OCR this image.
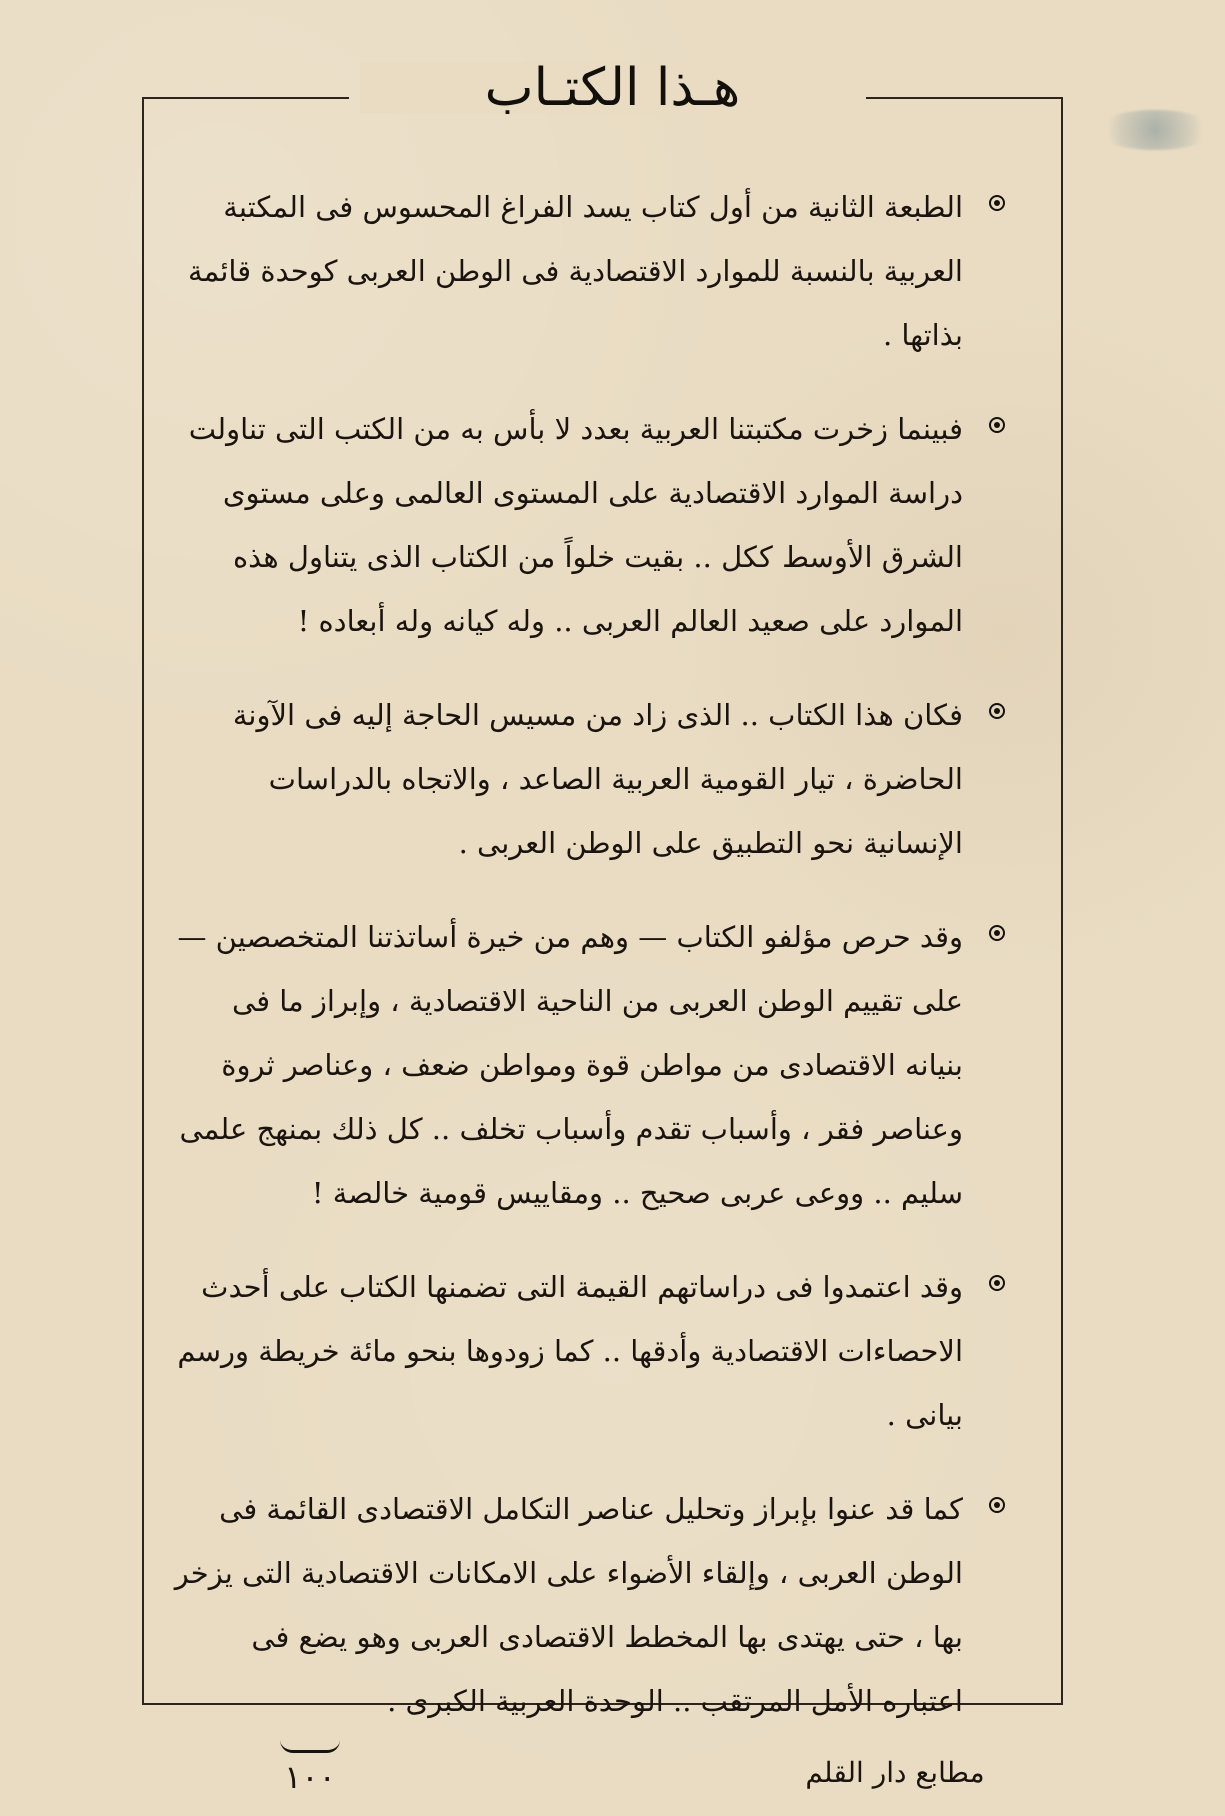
هـذا الكتـاب
الطبعة الثانية من أول كتاب يسد الفراغ المحسوس فى المكتبة العربية بالنسبة للموارد الاقتصادية فى الوطن العربى كوحدة قائمة بذاتها .
فبينما زخرت مكتبتنا العربية بعدد لا بأس به من الكتب التى تناولت دراسة الموارد الاقتصادية على المستوى العالمى وعلى مستوى الشرق الأوسط ككل .. بقيت خلواً من الكتاب الذى يتناول هذه الموارد على صعيد العالم العربى .. وله كيانه وله أبعاده !
فكان هذا الكتاب .. الذى زاد من مسيس الحاجة إليه فى الآونة الحاضرة ، تيار القومية العربية الصاعد ، والاتجاه بالدراسات الإنسانية نحو التطبيق على الوطن العربى .
وقد حرص مؤلفو الكتاب — وهم من خيرة أساتذتنا المتخصصين — على تقييم الوطن العربى من الناحية الاقتصادية ، وإبراز ما فى بنيانه الاقتصادى من مواطن قوة ومواطن ضعف ، وعناصر ثروة وعناصر فقر ، وأسباب تقدم وأسباب تخلف .. كل ذلك بمنهج علمى سليم .. ووعى عربى صحيح .. ومقاييس قومية خالصة !
وقد اعتمدوا فى دراساتهم القيمة التى تضمنها الكتاب على أحدث الاحصاءات الاقتصادية وأدقها .. كما زودوها بنحو مائة خريطة ورسم بيانى .
كما قد عنوا بإبراز وتحليل عناصر التكامل الاقتصادى القائمة فى الوطن العربى ، وإلقاء الأضواء على الامكانات الاقتصادية التى يزخر بها ، حتى يهتدى بها المخطط الاقتصادى العربى وهو يضع فى اعتباره الأمل المرتقب .. الوحدة العربية الكبرى .
١٠٠	مطابع دار القلم
